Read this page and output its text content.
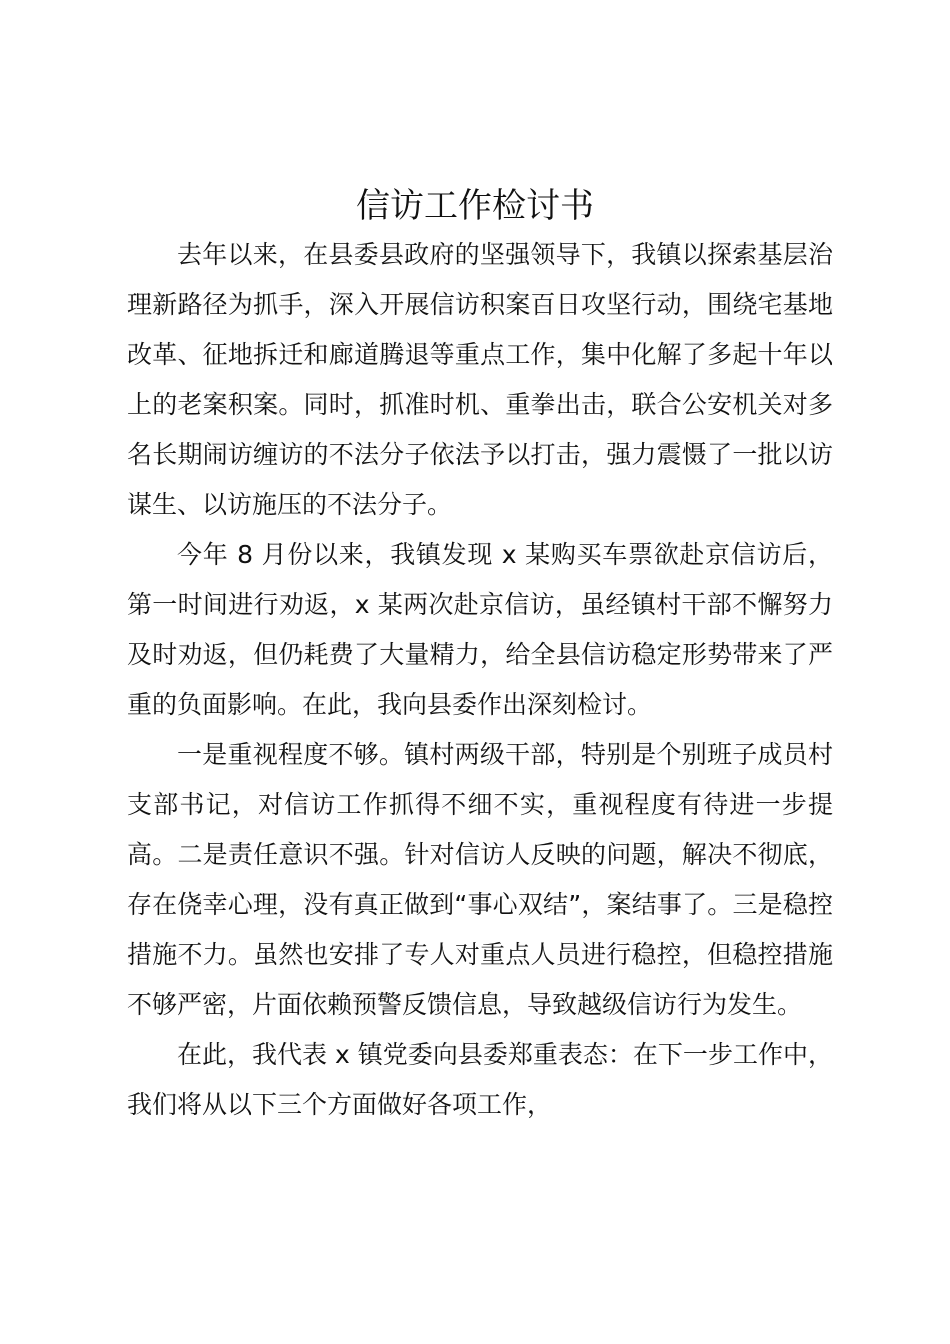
信访工作检讨书

去年以来，在县委县政府的坚强领导下，我镇以探索基层治理新路径为抓手，深入开展信访积案百日攻坚行动，围绕宅基地改革、征地拆迁和廊道腾退等重点工作，集中化解了多起十年以上的老案积案。同时，抓准时机、重拳出击，联合公安机关对多名长期闹访缠访的不法分子依法予以打击，强力震慑了一批以访谋生、以访施压的不法分子。

今年 8 月份以来，我镇发现 x 某购买车票欲赴京信访后，第一时间进行劝返，x 某两次赴京信访，虽经镇村干部不懈努力及时劝返，但仍耗费了大量精力，给全县信访稳定形势带来了严重的负面影响。在此，我向县委作出深刻检讨。

一是重视程度不够。镇村两级干部，特别是个别班子成员村支部书记，对信访工作抓得不细不实，重视程度有待进一步提高。二是责任意识不强。针对信访人反映的问题，解决不彻底，存在侥幸心理，没有真正做到“事心双结”，案结事了。三是稳控措施不力。虽然也安排了专人对重点人员进行稳控，但稳控措施不够严密，片面依赖预警反馈信息，导致越级信访行为发生。

在此，我代表 x 镇党委向县委郑重表态：在下一步工作中，我们将从以下三个方面做好各项工作，
